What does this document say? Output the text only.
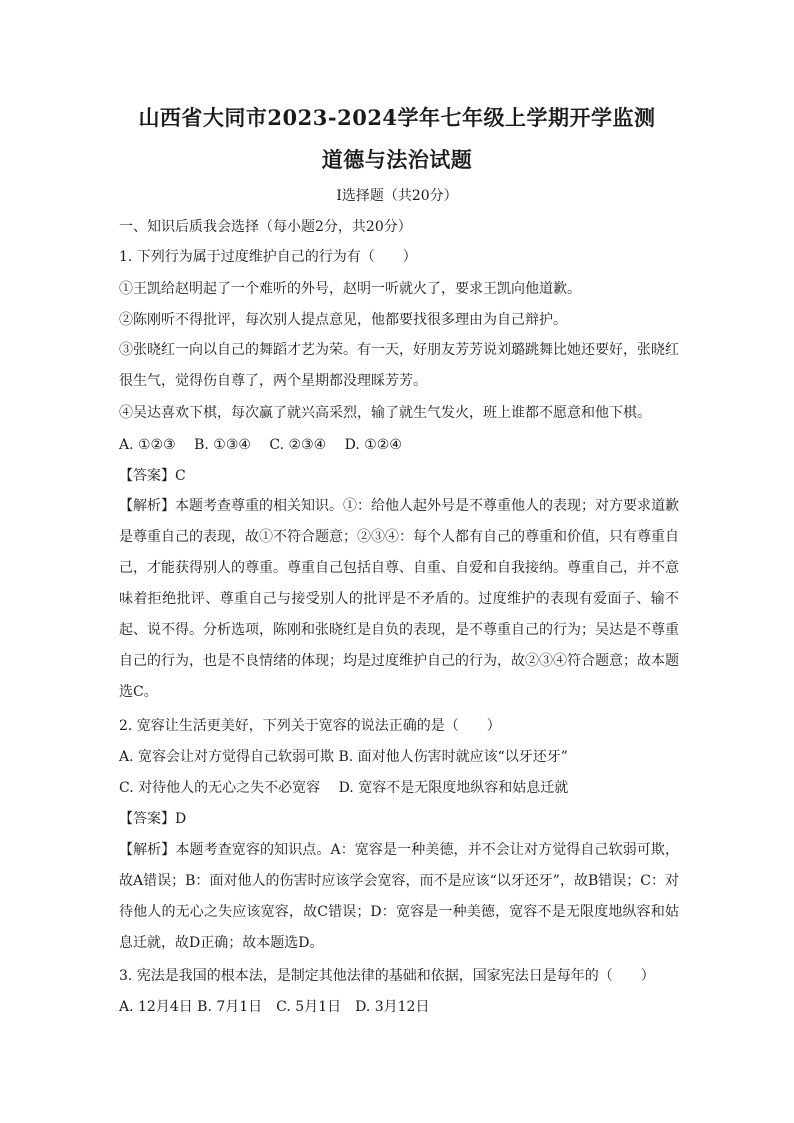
山西省大同市2023-2024学年七年级上学期开学监测
道德与法治试题
Ⅰ选择题（共20分）
一、知识后质我会选择（每小题2分，共20分）
1. 下列行为属于过度维护自己的行为有（　　）
①王凯给赵明起了一个难听的外号，赵明一听就火了，要求王凯向他道歉。
②陈刚听不得批评，每次别人提点意见，他都要找很多理由为自己辩护。
③张晓红一向以自己的舞蹈才艺为荣。有一天，好朋友芳芳说刘璐跳舞比她还要好，张晓红很生气，觉得伤自尊了，两个星期都没理睬芳芳。
④吴达喜欢下棋，每次赢了就兴高采烈，输了就生气发火，班上谁都不愿意和他下棋。
A. ①②③　 B. ①③④　 C. ②③④　 D. ①②④
【答案】C
【解析】本题考查尊重的相关知识。①：给他人起外号是不尊重他人的表现；对方要求道歉是尊重自己的表现，故①不符合题意；②③④：每个人都有自己的尊重和价值，只有尊重自己，才能获得别人的尊重。尊重自己包括自尊、自重、自爱和自我接纳。尊重自己，并不意味着拒绝批评、尊重自己与接受别人的批评是不矛盾的。过度维护的表现有爱面子、输不起、说不得。分析选项，陈刚和张晓红是自负的表现，是不尊重自己的行为；吴达是不尊重自己的行为，也是不良情绪的体现；均是过度维护自己的行为，故②③④符合题意；故本题选C。
2. 宽容让生活更美好，下列关于宽容的说法正确的是（　　）
A. 宽容会让对方觉得自己软弱可欺 B. 面对他人伤害时就应该“以牙还牙”
C. 对待他人的无心之失不必宽容　 D. 宽容不是无限度地纵容和姑息迁就
【答案】D
【解析】本题考查宽容的知识点。A：宽容是一种美德，并不会让对方觉得自己软弱可欺，故A错误；B：面对他人的伤害时应该学会宽容，而不是应该“以牙还牙”，故B错误；C：对待他人的无心之失应该宽容，故C错误；D：宽容是一种美德，宽容不是无限度地纵容和姑息迁就，故D正确；故本题选D。
3. 宪法是我国的根本法，是制定其他法律的基础和依据，国家宪法日是每年的（　　）
A. 12月4日 B. 7月1日　C. 5月1日　D. 3月12日
